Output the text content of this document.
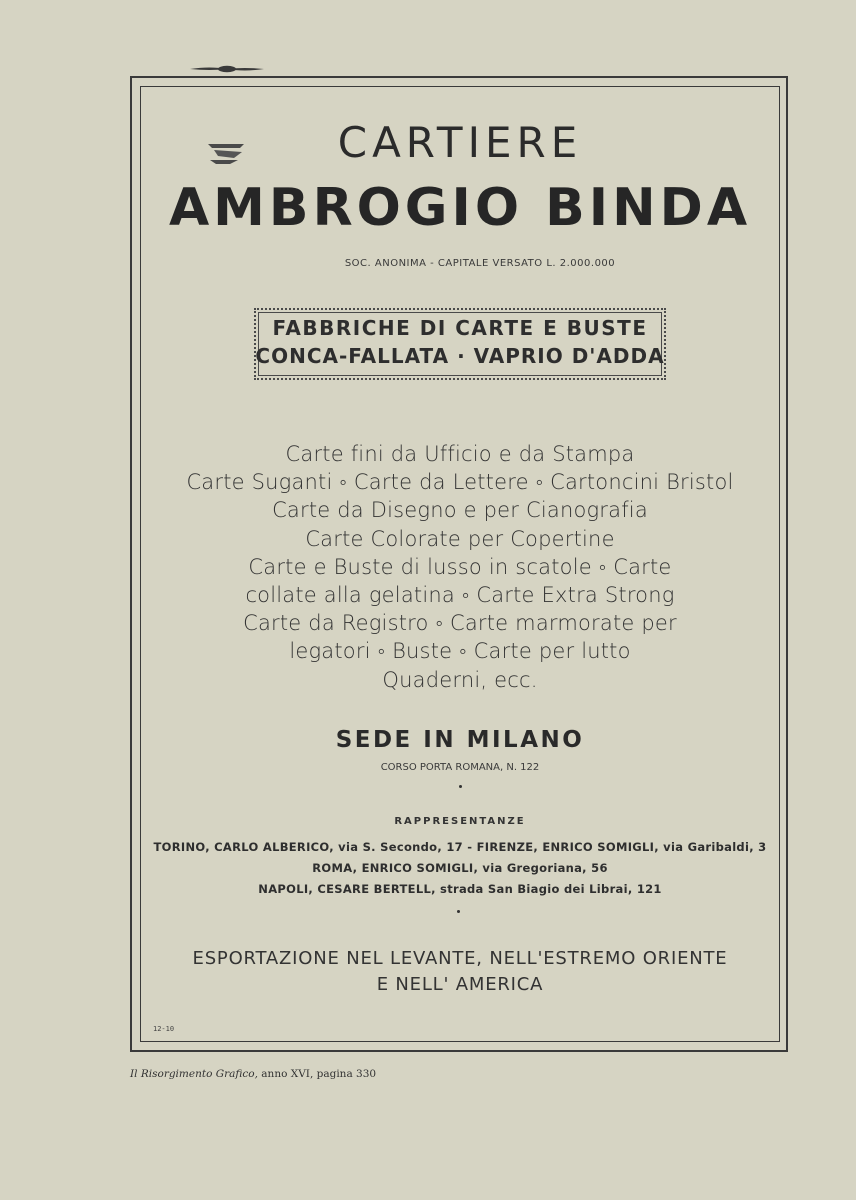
CARTIERE
AMBROGIO BINDA
SOC. ANONIMA - CAPITALE VERSATO L. 2.000.000
FABBRICHE DI CARTE E BUSTE
CONCA-FALLATA · VAPRIO D'ADDA
Carte fini da Ufficio e da Stampa
Carte Suganti ◦ Carte da Lettere ◦ Cartoncini Bristol
Carte da Disegno e per Cianografia
Carte Colorate per Copertine
Carte e Buste di lusso in scatole ◦ Carte
collate alla gelatina ◦ Carte Extra Strong
Carte da Registro ◦ Carte marmorate per
legatori ◦ Buste ◦ Carte per lutto
Quaderni, ecc.
SEDE IN MILANO
CORSO PORTA ROMANA, N. 122
RAPPRESENTANZE
TORINO, CARLO ALBERICO, via S. Secondo, 17 - FIRENZE, ENRICO SOMIGLI, via Garibaldi, 3
ROMA, ENRICO SOMIGLI, via Gregoriana, 56
NAPOLI, CESARE BERTELL, strada San Biagio dei Librai, 121
ESPORTAZIONE NEL LEVANTE, NELL'ESTREMO ORIENTE
E NELL' AMERICA
12-10
Il Risorgimento Grafico, anno XVI, pagina 330
